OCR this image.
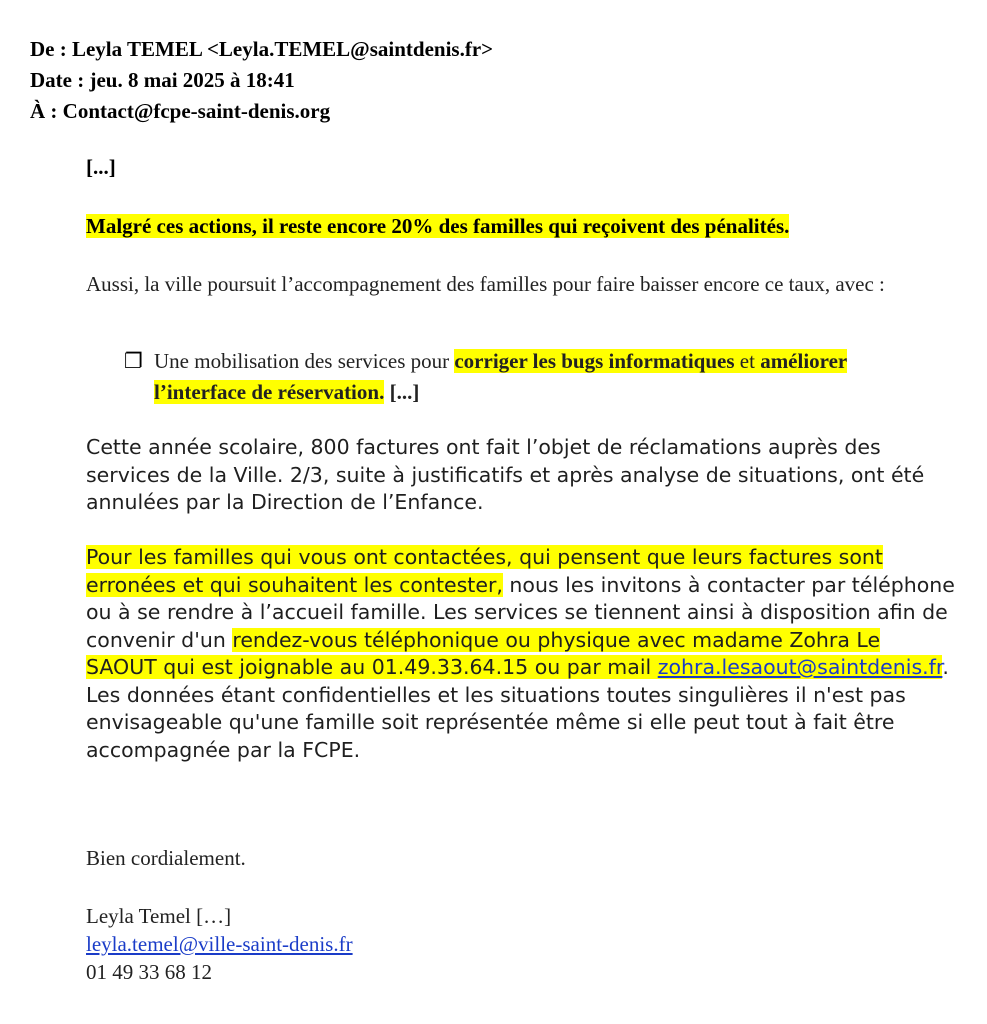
De : Leyla TEMEL <Leyla.TEMEL@saintdenis.fr>
Date : jeu. 8 mai 2025 à 18:41
À : Contact@fcpe-saint-denis.org
[...]
Malgré ces actions, il reste encore 20% des familles qui reçoivent des pénalités.
Aussi, la ville poursuit l’accompagnement des familles pour faire baisser encore ce taux, avec :
❐ Une mobilisation des services pour corriger les bugs informatiques et améliorer l’interface de réservation. [...]
Cette année scolaire, 800 factures ont fait l’objet de réclamations auprès des services de la Ville. 2/3, suite à justificatifs et après analyse de situations, ont été annulées par la Direction de l’Enfance.
Pour les familles qui vous ont contactées, qui pensent que leurs factures sont erronées et qui souhaitent les contester, nous les invitons à contacter par téléphone ou à se rendre à l’accueil famille. Les services se tiennent ainsi à disposition afin de convenir d'un rendez-vous téléphonique ou physique avec madame Zohra Le SAOUT qui est joignable au 01.49.33.64.15 ou par mail zohra.lesaout@saintdenis.fr. Les données étant confidentielles et les situations toutes singulières il n'est pas envisageable qu'une famille soit représentée même si elle peut tout à fait être accompagnée par la FCPE.
Bien cordialement.
Leyla Temel […]
leyla.temel@ville-saint-denis.fr
01 49 33 68 12
